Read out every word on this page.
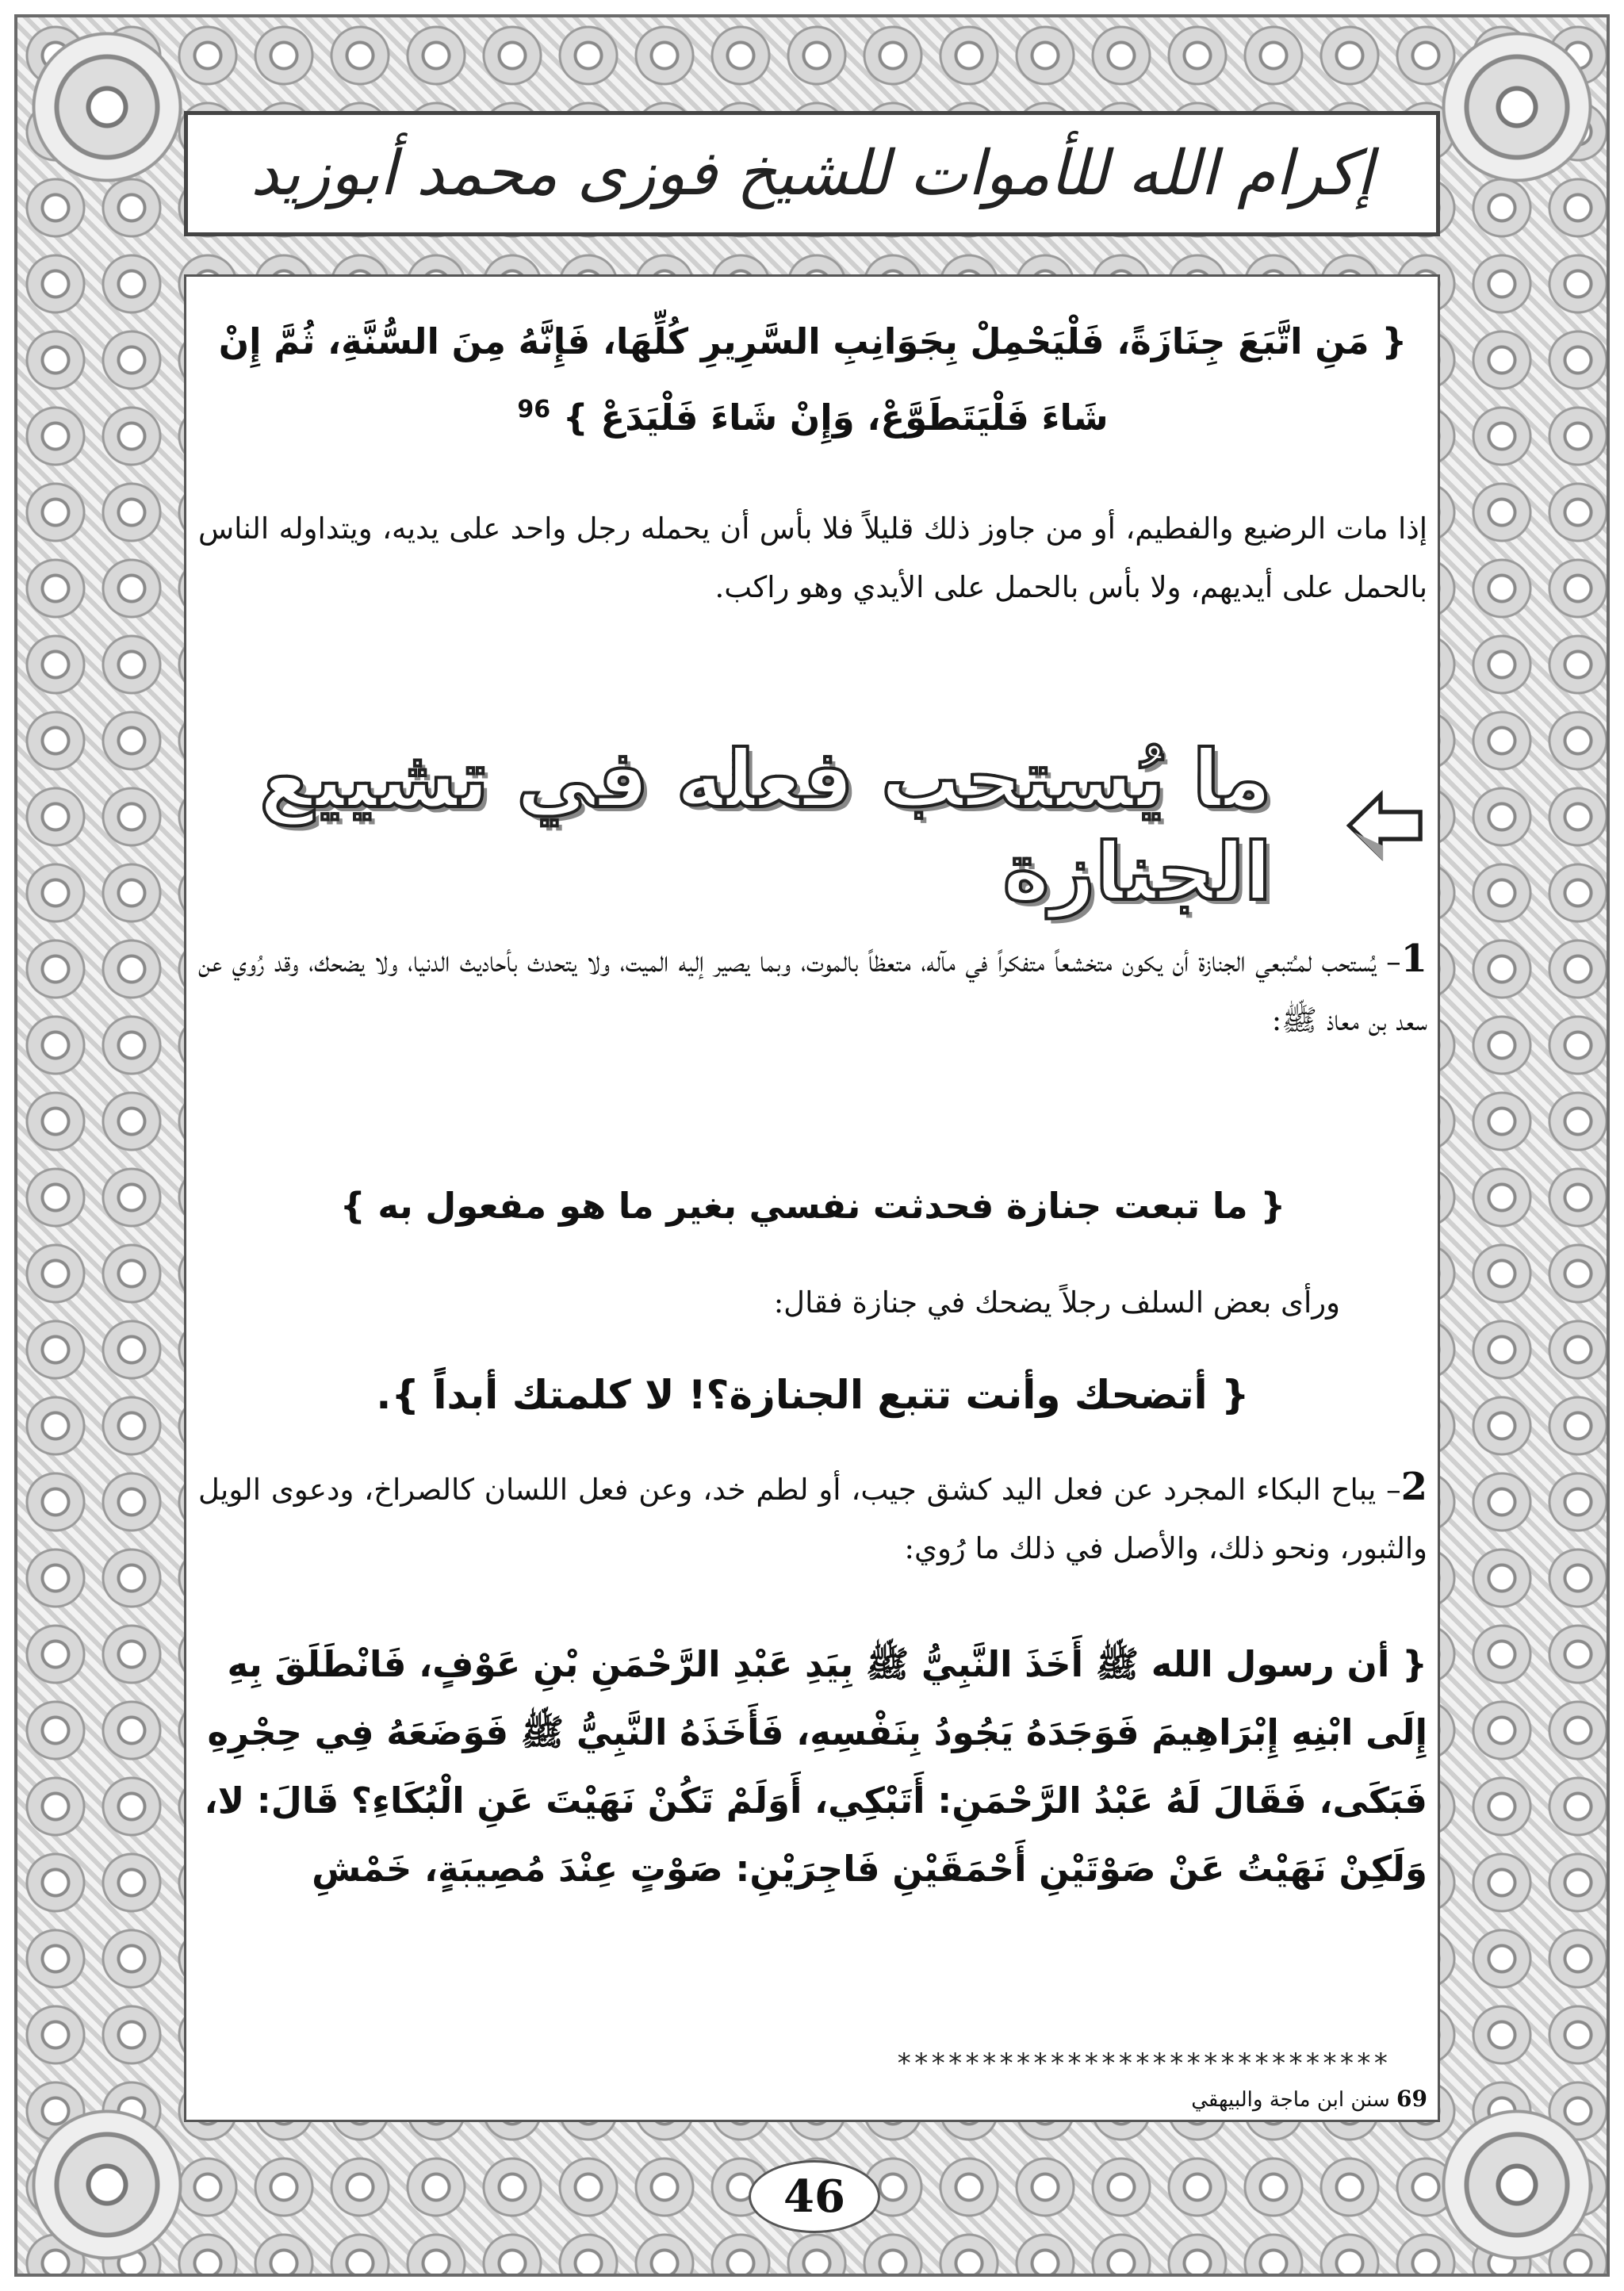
إكرام الله للأموات للشيخ فوزى محمد أبوزيد
{ مَنِ اتَّبَعَ جِنَازَةً، فَلْيَحْمِلْ بِجَوَانِبِ السَّرِيرِ كُلِّهَا، فَإِنَّهُ مِنَ السُّنَّةِ، ثُمَّ إِنْ
شَاءَ فَلْيَتَطَوَّعْ، وَإِنْ شَاءَ فَلْيَدَعْ } $^{96}$
إذا مات الرضيع والفطيم، أو من جاوز ذلك قليلاً فلا بأس أن يحمله رجل واحد على يديه، ويتداوله الناس بالحمل على أيديهم، ولا بأس بالحمل على الأيدي وهو راكب.
ما يُستحب فعله في تشييع الجنازة
1– يُستحب لمـُتبعي الجنازة أن يكون متخشعاً متفكراً في مآله، متعظاً بالموت، وبما يصير إليه الميت، ولا يتحدث بأحاديث الدنيا، ولا يضحك، وقد رُوي عن سعد بن معاذ ﷺ:
{ ما تبعت جنازة فحدثت نفسي بغير ما هو مفعول به }
ورأى بعض السلف رجلاً يضحك في جنازة فقال:
{ أتضحك وأنت تتبع الجنازة؟! لا كلمتك أبداً }.
2– يباح البكاء المجرد عن فعل اليد كشق جيب، أو لطم خد، وعن فعل اللسان كالصراخ، ودعوى الويل والثبور، ونحو ذلك، والأصل في ذلك ما رُوي:
{ أن رسول الله ﷺ أَخَذَ النَّبِيُّ ﷺ بِيَدِ عَبْدِ الرَّحْمَنِ بْنِ عَوْفٍ، فَانْطَلَقَ بِهِ
إِلَى ابْنِهِ إِبْرَاهِيمَ فَوَجَدَهُ يَجُودُ بِنَفْسِهِ، فَأَخَذَهُ النَّبِيُّ ﷺ فَوَضَعَهُ فِي حِجْرِهِ
فَبَكَى، فَقَالَ لَهُ عَبْدُ الرَّحْمَنِ: أَتَبْكِي، أَوَلَمْ تَكُنْ نَهَيْتَ عَنِ الْبُكَاءِ؟ قَالَ: لا،
وَلَكِنْ نَهَيْتُ عَنْ صَوْتَيْنِ أَحْمَقَيْنِ فَاجِرَيْنِ: صَوْتٍ عِنْدَ مُصِيبَةٍ، خَمْشِ
*****************************
69 سنن ابن ماجة والبيهقي
46
